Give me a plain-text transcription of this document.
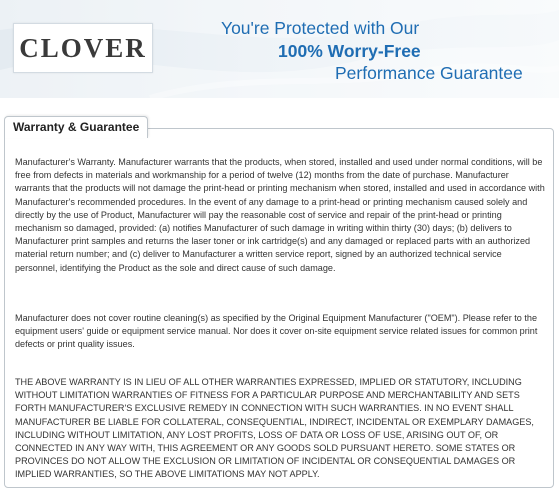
CLOVER
You're Protected with Our
100% Worry-Free
Performance Guarantee
Warranty & Guarantee

Manufacturer's Warranty. Manufacturer warrants that the products, when stored, installed and used under normal conditions, will be free from defects in materials and workmanship for a period of twelve (12) months from the date of purchase. Manufacturer warrants that the products will not damage the print-head or printing mechanism when stored, installed and used in accordance with Manufacturer's recommended procedures. In the event of any damage to a print-head or printing mechanism caused solely and directly by the use of Product, Manufacturer will pay the reasonable cost of service and repair of the print-head or printing mechanism so damaged, provided: (a) notifies Manufacturer of such damage in writing within thirty (30) days; (b) delivers to Manufacturer print samples and returns the laser toner or ink cartridge(s) and any damaged or replaced parts with an authorized material return number; and (c) deliver to Manufacturer a written service report, signed by an authorized technical service personnel, identifying the Product as the sole and direct cause of such damage.

Manufacturer does not cover routine cleaning(s) as specified by the Original Equipment Manufacturer ("OEM"). Please refer to the equipment users' guide or equipment service manual. Nor does it cover on-site equipment service related issues for common print defects or print quality issues.

THE ABOVE WARRANTY IS IN LIEU OF ALL OTHER WARRANTIES EXPRESSED, IMPLIED OR STATUTORY, INCLUDING WITHOUT LIMITATION WARRANTIES OF FITNESS FOR A PARTICULAR PURPOSE AND MERCHANTABILITY AND SETS FORTH MANUFACTURER'S EXCLUSIVE REMEDY IN CONNECTION WITH SUCH WARRANTIES. IN NO EVENT SHALL MANUFACTURER BE LIABLE FOR COLLATERAL, CONSEQUENTIAL, INDIRECT, INCIDENTAL OR EXEMPLARY DAMAGES, INCLUDING WITHOUT LIMITATION, ANY LOST PROFITS, LOSS OF DATA OR LOSS OF USE, ARISING OUT OF, OR CONNECTED IN ANY WAY WITH, THIS AGREEMENT OR ANY GOODS SOLD PURSUANT HERETO. SOME STATES OR PROVINCES DO NOT ALLOW THE EXCLUSION OR LIMITATION OF INCIDENTAL OR CONSEQUENTIAL DAMAGES OR IMPLIED WARRANTIES, SO THE ABOVE LIMITATIONS MAY NOT APPLY.
